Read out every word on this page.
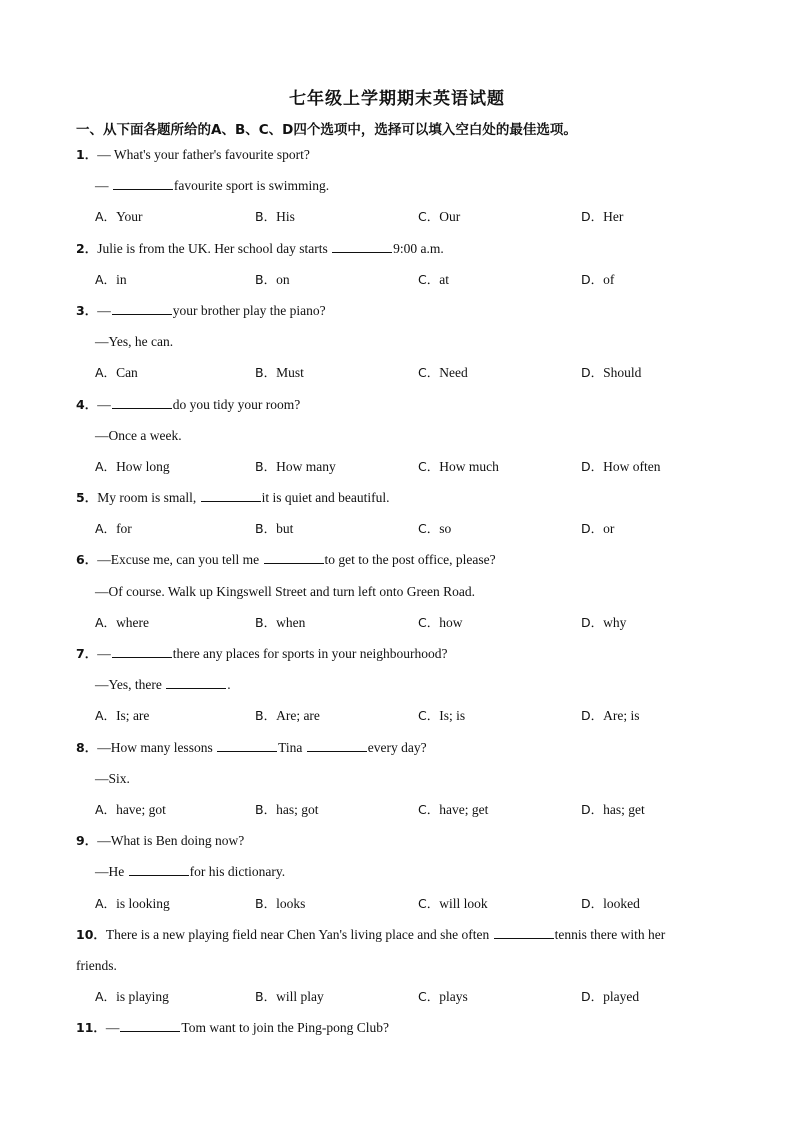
七年级上学期期末英语试题
一、从下面各题所给的A、B、C、D四个选项中，选择可以填入空白处的最佳选项。
1．— What's your father's favourite sport?
—	favourite sport is swimming.
A．Your	B．His	C．Our	D．Her
2．Julie is from the UK. Her school day starts	9:00 a.m.
A．in	B．on	C．at	D．of
3．—	your brother play the piano?
—Yes, he can.
A．Can	B．Must	C．Need	D．Should
4．—	do you tidy your room?
—Once a week.
A．How long	B．How many	C．How much	D．How often
5．My room is small,	it is quiet and beautiful.
A．for	B．but	C．so	D．or
6．—Excuse me, can you tell me	to get to the post office, please?
—Of course. Walk up Kingswell Street and turn left onto Green Road.
A．where	B．when	C．how	D．why
7．—	there any places for sports in your neighbourhood?
—Yes, there	.
A．Is; are	B．Are; are	C．Is; is	D．Are; is
8．—How many lessons	Tina	every day?
—Six.
A．have; got	B．has; got	C．have; get	D．has; get
9．—What is Ben doing now?
—He	for his dictionary.
A．is looking	B．looks	C．will look	D．looked
10．There is a new playing field near Chen Yan's living place and she often	tennis there with her
friends.
A．is playing	B．will play	C．plays	D．played
11．—	Tom want to join the Ping-pong Club?
